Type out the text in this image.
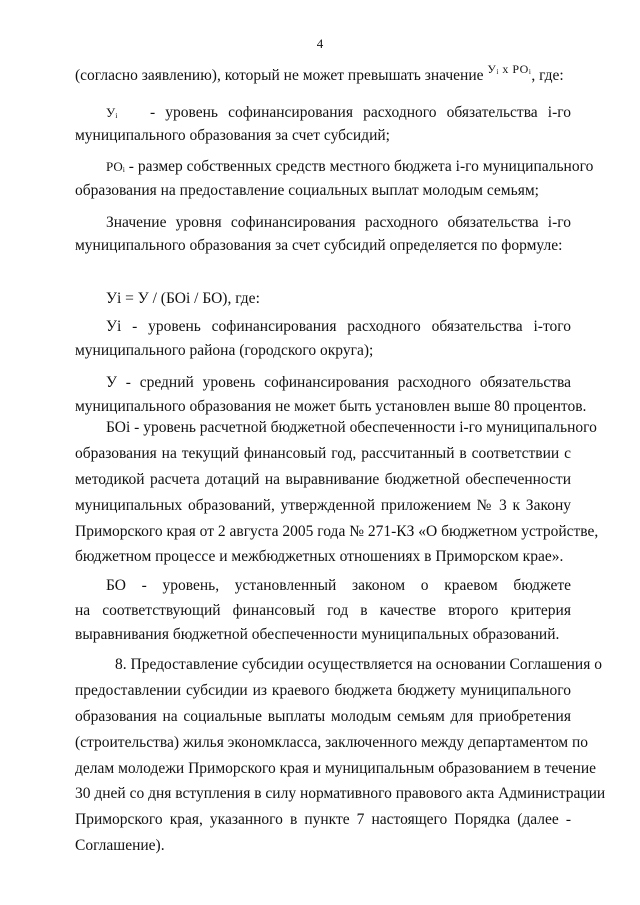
4
(согласно заявлению), который не может превышать значение $^{Уᵢ х РОᵢ}$, где:
Уᵢ - уровень софинансирования расходного обязательства i-го
муниципального образования за счет субсидий;
РОᵢ - размер собственных средств местного бюджета i-го муниципального
образования на предоставление социальных выплат молодым семьям;
Значение уровня софинансирования расходного обязательства i-го
муниципального образования за счет субсидий определяется по формуле:
Уi = У / (БОi / БО), где:
Уi - уровень софинансирования расходного обязательства i-того
муниципального района (городского округа);
У - средний уровень софинансирования расходного обязательства
муниципального образования не может быть установлен выше 80 процентов.
БОi - уровень расчетной бюджетной обеспеченности i-го муниципального
образования на текущий финансовый год, рассчитанный в соответствии с
методикой расчета дотаций на выравнивание бюджетной обеспеченности
муниципальных образований, утвержденной приложением № 3 к Закону
Приморского края от 2 августа 2005 года № 271-КЗ «О бюджетном устройстве,
бюджетном процессе и межбюджетных отношениях в Приморском крае».
БО - уровень, установленный законом о краевом бюджете
на соответствующий финансовый год в качестве второго критерия
выравнивания бюджетной обеспеченности муниципальных образований.
8. Предоставление субсидии осуществляется на основании Соглашения о
предоставлении субсидии из краевого бюджета бюджету муниципального
образования на социальные выплаты молодым семьям для приобретения
(строительства) жилья экономкласса, заключенного между департаментом по
делам молодежи Приморского края и муниципальным образованием в течение
30 дней со дня вступления в силу нормативного правового акта Администрации
Приморского края, указанного в пункте 7 настоящего Порядка (далее -
Соглашение).
